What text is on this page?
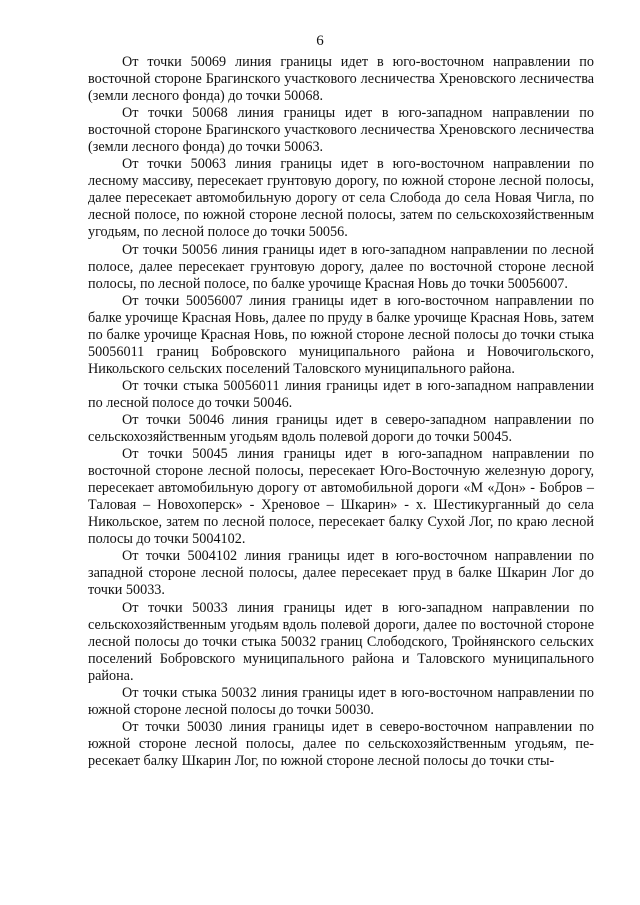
6

От точки 50069 линия границы идет в юго-восточном направлении по восточной стороне Брагинского участкового лесничества Хреновского лесничества (земли лесного фонда) до точки 50068.

От точки 50068 линия границы идет в юго-западном направлении по восточной стороне Брагинского участкового лесничества Хреновского лесничества (земли лесного фонда) до точки 50063.

От точки 50063 линия границы идет в юго-восточном направлении по лесному массиву, пересекает грунтовую дорогу, по южной стороне лесной полосы, далее пересекает автомобильную дорогу от села Слобода до села Новая Чигла, по лесной полосе, по южной стороне лесной полосы, затем по сельскохозяйственным угодьям, по лесной полосе до точки 50056.

От точки 50056 линия границы идет в юго-западном направлении по лесной полосе, далее пересекает грунтовую дорогу, далее по восточной стороне лесной полосы, по лесной полосе, по балке урочище Красная Новь до точки 50056007.

От точки 50056007 линия границы идет в юго-восточном направлении по балке урочище Красная Новь, далее по пруду в балке урочище Красная Новь, затем по балке урочище Красная Новь, по южной стороне лесной полосы до точки стыка 50056011 границ Бобровского муниципального района и Новочигольского, Никольского сельских поселений Таловского муниципального района.

От точки стыка 50056011 линия границы идет в юго-западном направлении по лесной полосе до точки 50046.

От точки 50046 линия границы идет в северо-западном направлении по сельскохозяйственным угодьям вдоль полевой дороги до точки 50045.

От точки 50045 линия границы идет в юго-западном направлении по восточной стороне лесной полосы, пересекает Юго-Восточную железную дорогу, пересекает автомобильную дорогу от автомобильной дороги «М «Дон» - Бобров – Таловая – Новохоперск» - Хреновое – Шкарин» - х. Шестикурганный до села Никольское, затем по лесной полосе, пересекает балку Сухой Лог, по краю лесной полосы до точки 5004102.

От точки 5004102 линия границы идет в юго-восточном направлении по западной стороне лесной полосы, далее пересекает пруд в балке Шкарин Лог до точки 50033.

От точки 50033 линия границы идет в юго-западном направлении по сельскохозяйственным угодьям вдоль полевой дороги, далее по восточной стороне лесной полосы до точки стыка 50032 границ Слободского, Тройнянского сельских поселений Бобровского муниципального района и Таловского муниципального района.

От точки стыка 50032 линия границы идет в юго-восточном направлении по южной стороне лесной полосы до точки 50030.

От точки 50030 линия границы идет в северо-восточном направлении по южной стороне лесной полосы, далее по сельскохозяйственным угодьям, пересекает балку Шкарин Лог, по южной стороне лесной полосы до точки сты-
